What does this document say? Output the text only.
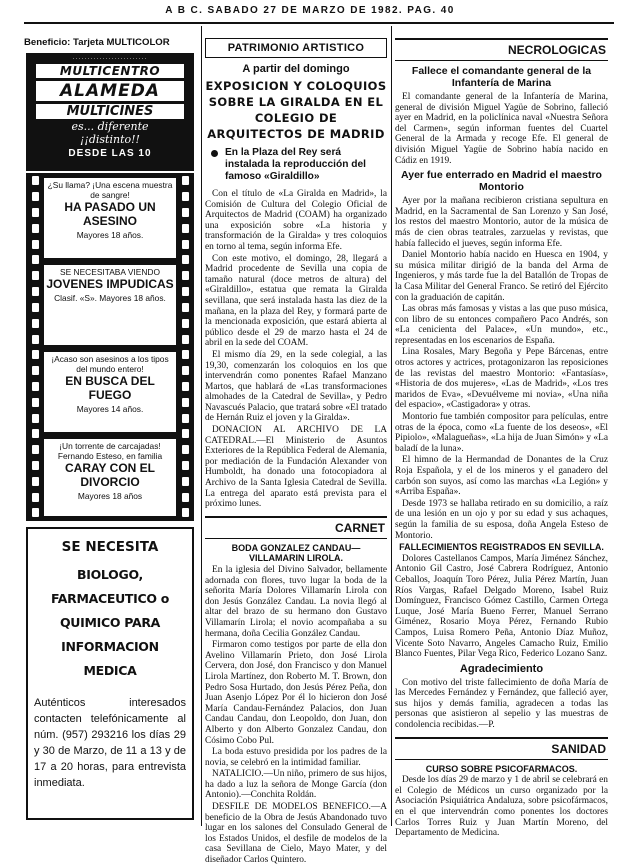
A B C. SABADO 27 DE MARZO DE 1982. PAG. 40
Beneficio: Tarjeta MULTICOLOR
·························
MULTICENTRO
ALAMEDA
MULTICINES
es... diferente
¡¡distinto!!
DESDE LAS 10
¿Su llama? ¡Una escena muestra de sangre!
HA PASADO UN ASESINO
Mayores 18 años.
SE NECESITABA VIENDO
JOVENES IMPUDICAS
Clasif. «S». Mayores 18 años.
¡Acaso son asesinos a los tipos del mundo entero!
EN BUSCA DEL FUEGO
Mayores 14 años.
¡Un torrente de carcajadas! Fernando Esteso, en familia
CARAY CON EL DIVORCIO
Mayores 18 años
SE NECESITA
BIOLOGO, FARMACEUTICO o QUIMICO PARA INFORMACION MEDICA
Auténticos interesados contacten telefónicamente al núm. (957) 293216 los días 29 y 30 de Marzo, de 11 a 13 y de 17 a 20 horas, para entrevista inmediata.
PATRIMONIO ARTISTICO
A partir del domingo
EXPOSICION Y COLOQUIOS SOBRE LA GIRALDA EN EL COLEGIO DE ARQUITECTOS DE MADRID
En la Plaza del Rey será instalada la reproducción del famoso «Giraldillo»

Con el título de «La Giralda en Madrid», la Comisión de Cultura del Colegio Oficial de Arquitectos de Madrid (COAM) ha organizado una exposición sobre «La historia y transformación de la Giralda» y tres coloquios en torno al tema, según informa Efe.

Con este motivo, el domingo, 28, llegará a Madrid procedente de Sevilla una copia de tamaño natural (doce metros de altura) del «Giraldillo», estatua que remata la Giralda sevillana, que será instalada hasta las diez de la mañana, en la plaza del Rey, y formará parte de la mencionada exposición, que estará abierta al público desde el 29 de marzo hasta el 24 de abril en la sede del COAM.

El mismo día 29, en la sede colegial, a las 19,30, comenzarán los coloquios en los que intervendrán como ponentes Rafael Manzano Martos, que hablará de «Las transformaciones almohades de la Catedral de Sevilla», y Pedro Navascués Palacio, que tratará sobre «El tratado de Hernán Ruiz el joven y la Giralda».

DONACION AL ARCHIVO DE LA CATEDRAL.—El Ministerio de Asuntos Exteriores de la República Federal de Alemania, por mediación de la Fundación Alexander von Humboldt, ha donado una fotocopiadora al Archivo de la Santa Iglesia Catedral de Sevilla. La entrega del aparato está prevista para el próximo lunes.

CARNET

BODA GONZALEZ CANDAU—VILLAMARIN LIROLA.

En la iglesia del Divino Salvador, bellamente adornada con flores, tuvo lugar la boda de la señorita María Dolores Villamarín Lirola con don Jesús González Candau. La novia llegó al altar del brazo de su hermano don Gustavo Villamarín Lirola; el novio acompañaba a su hermana, doña Cecilia González Candau.

Firmaron como testigos por parte de ella don Avelino Villamarín Prieto, don José Lirola Cervera, don José, don Francisco y don Manuel Lirola Martínez, don Roberto M. T. Brown, don Pedro Sosa Hurtado, don Jesús Pérez Peña, don Juan Asenjo López Por él lo hicieron don José María Candau-Fernández Palacios, don Juan Candau Candau, don Leopoldo, don Juan, don Alberto y don Alberto Gonzalez Candau, don Cósimo Cobo Pul.

La boda estuvo presidida por los padres de la novia, se celebró en la intimidad familiar.

NATALICIO.—Un niño, primero de sus hijos, ha dado a luz la señora de Monge García (don Antonio).—Conchita Roldán.

DESFILE DE MODELOS BENEFICO.—A beneficio de la Obra de Jesús Abandonado tuvo lugar en los salones del Consulado General de los Estados Unidos, el desfile de modelos de la casa Sevillana de Cielo, Mayo Mater, y del diseñador Carlos Quintero.

NECROLOGICAS
Fallece el comandante general de la Infantería de Marina

El comandante general de la Infantería de Marina, general de división Miguel Yagüe de Sobrino, falleció ayer en Madrid, en la policlínica naval «Nuestra Señora del Carmen», según informan fuentes del Cuartel General de la Armada y recoge Efe. El general de división Miguel Yagüe de Sobrino había nacido en Cádiz en 1919.

Ayer fue enterrado en Madrid el maestro Montorio

Ayer por la mañana recibieron cristiana sepultura en Madrid, en la Sacramental de San Lorenzo y San José, los restos del maestro Montorio, autor de la música de más de cien obras teatrales, zarzuelas y revistas, que había fallecido el jueves, según informa Efe.

Daniel Montorio había nacido en Huesca en 1904, y su música militar dirigió de la banda del Arma de Ingenieros, y más tarde fue la del Batallón de Tropas de la Casa Militar del General Franco. Se retiró del Ejército con la graduación de capitán.

Las obras más famosas y vistas a las que puso música, con libro de su entonces compañero Paco Andrés, son «La cenicienta del Palace», «Un mundo», etc., representadas en los escenarios de España.

Lina Rosales, Mary Begoña y Pepe Bárcenas, entre otros actores y actrices, protagonizaron las reposiciones de las revistas del maestro Montorio: «Fantasías», «Historia de dos mujeres», «Las de Madrid», «Los tres maridos de Eva», «Devuélveme mi novia», «Una niña del espacio», «Castigadora» y otras.

Montorio fue también compositor para películas, entre otras de la época, como «La fuente de los deseos», «El Pipiolo», «Malagueñas», «La hija de Juan Simón» y «La baladí de la luna».

El himno de la Hermandad de Donantes de la Cruz Roja Española, y el de los mineros y el ganadero del carbón son suyos, así como las marchas «La Legión» y «Arriba España».

Desde 1973 se hallaba retirado en su domicilio, a raíz de una lesión en un ojo y por su edad y sus achaques, según la familia de su esposa, doña Angela Esteso de Montorio.

FALLECIMIENTOS REGISTRADOS EN SEVILLA.

Dolores Castellanos Campos, María Jiménez Sánchez, Antonio Gil Castro, José Cabrera Rodríguez, Antonio Ceballos, Joaquín Toro Pérez, Julia Pérez Martín, Juan Ríos Vargas, Rafael Delgado Moreno, Isabel Ruiz Domínguez, Francisco Gómez Castillo, Carmen Ortega Luque, José María Bueno Ferrer, Manuel Serrano Giménez, Rosario Moya Pérez, Fernando Rubio Campos, Luisa Romero Peña, Antonio Díaz Muñoz, Vicente Soto Navarro, Angeles Camacho Ruiz, Emilio Blanco Fuentes, Pilar Vega Rico, Federico Lozano Sanz.

Agradecimiento

Con motivo del triste fallecimiento de doña María de las Mercedes Fernández y Fernández, que falleció ayer, sus hijos y demás familia, agradecen a todas las personas que asistieron al sepelio y las muestras de condolencia recibidas.—P.

SANIDAD

CURSO SOBRE PSICOFARMACOS.

Desde los días 29 de marzo y 1 de abril se celebrará en el Colegio de Médicos un curso organizado por la Asociación Psiquiátrica Andaluza, sobre psicofármacos, en el que intervendrán como ponentes los doctores Carlos Torres Ruiz y Juan Martín Moreno, del Departamento de Medicina.
